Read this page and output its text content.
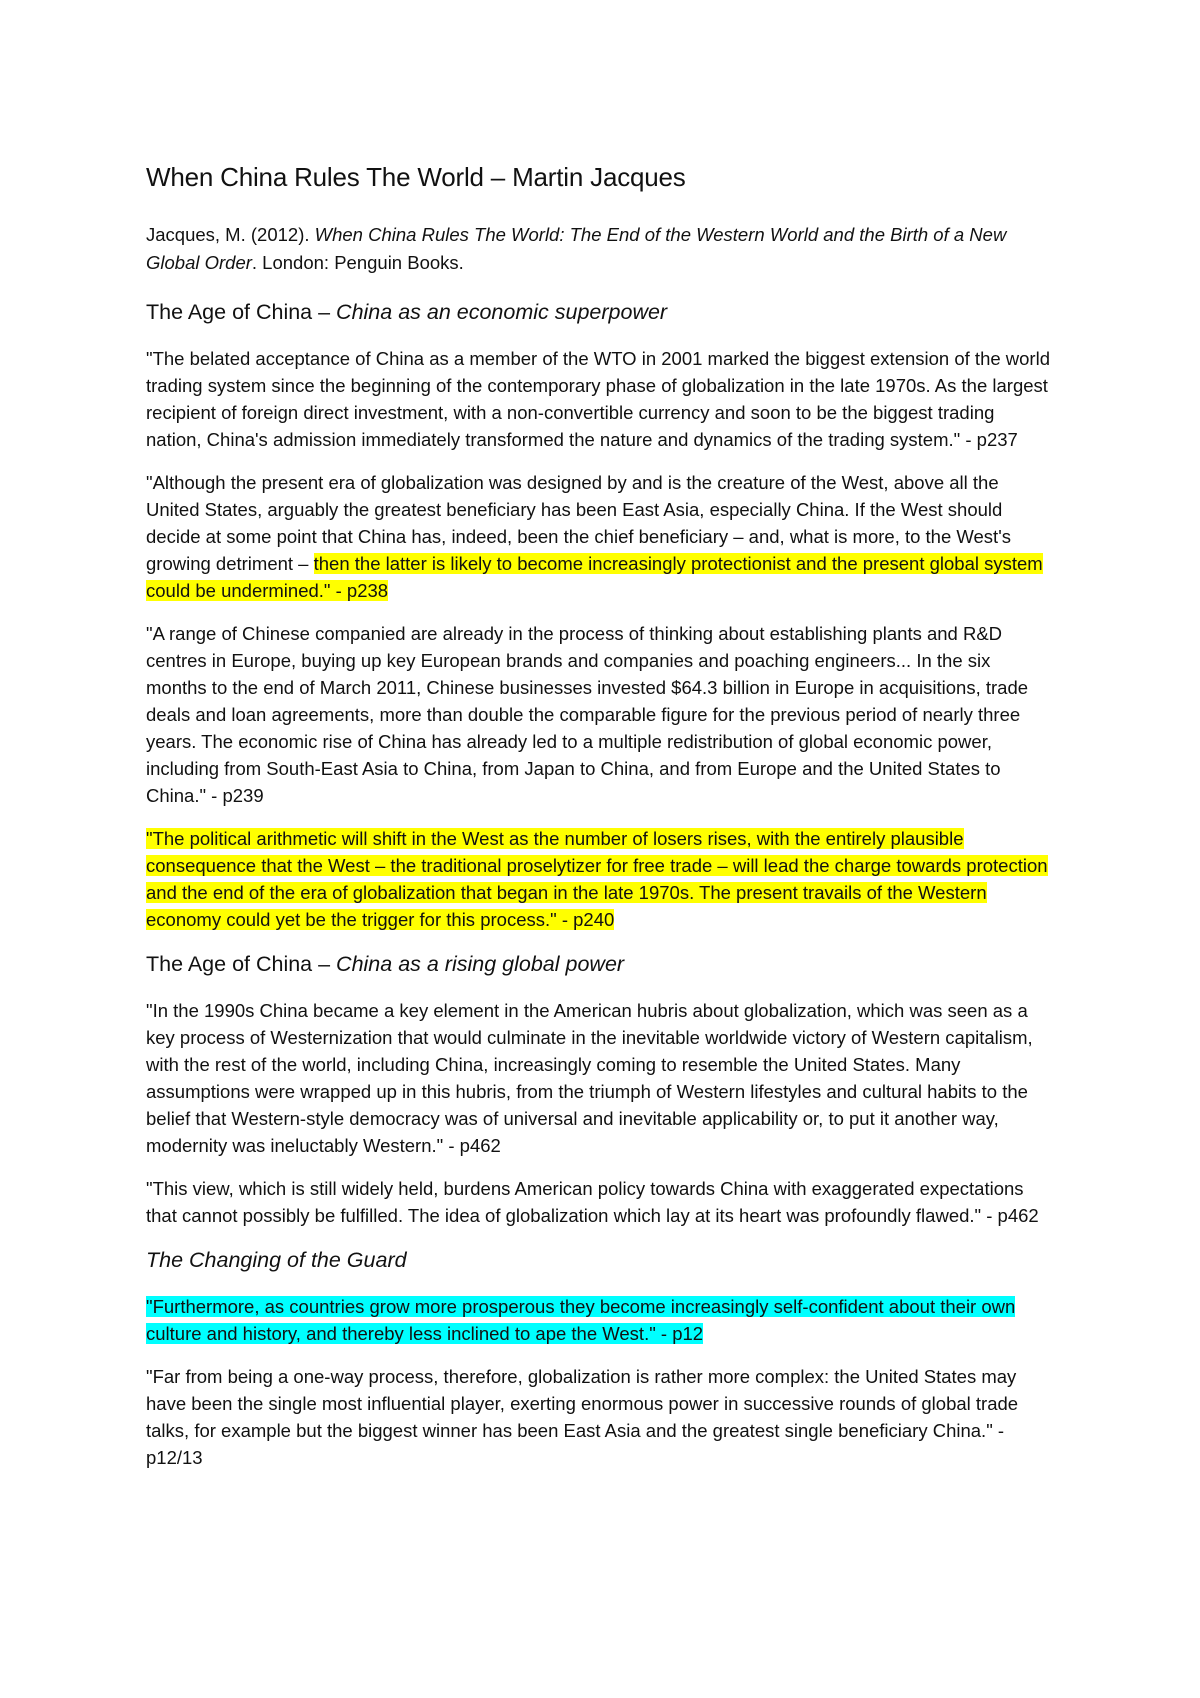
When China Rules The World – Martin Jacques

Jacques, M. (2012). When China Rules The World: The End of the Western World and the Birth of a New Global Order. London: Penguin Books.

The Age of China – China as an economic superpower

"The belated acceptance of China as a member of the WTO in 2001 marked the biggest extension of the world trading system since the beginning of the contemporary phase of globalization in the late 1970s. As the largest recipient of foreign direct investment, with a non-convertible currency and soon to be the biggest trading nation, China's admission immediately transformed the nature and dynamics of the trading system." - p237

"Although the present era of globalization was designed by and is the creature of the West, above all the United States, arguably the greatest beneficiary has been East Asia, especially China. If the West should decide at some point that China has, indeed, been the chief beneficiary – and, what is more, to the West's growing detriment – then the latter is likely to become increasingly protectionist and the present global system could be undermined." - p238

"A range of Chinese companied are already in the process of thinking about establishing plants and R&D centres in Europe, buying up key European brands and companies and poaching engineers... In the six months to the end of March 2011, Chinese businesses invested $64.3 billion in Europe in acquisitions, trade deals and loan agreements, more than double the comparable figure for the previous period of nearly three years. The economic rise of China has already led to a multiple redistribution of global economic power, including from South-East Asia to China, from Japan to China, and from Europe and the United States to China." - p239

"The political arithmetic will shift in the West as the number of losers rises, with the entirely plausible consequence that the West – the traditional proselytizer for free trade – will lead the charge towards protection and the end of the era of globalization that began in the late 1970s. The present travails of the Western economy could yet be the trigger for this process." - p240

The Age of China – China as a rising global power

"In the 1990s China became a key element in the American hubris about globalization, which was seen as a key process of Westernization that would culminate in the inevitable worldwide victory of Western capitalism, with the rest of the world, including China, increasingly coming to resemble the United States. Many assumptions were wrapped up in this hubris, from the triumph of Western lifestyles and cultural habits to the belief that Western-style democracy was of universal and inevitable applicability or, to put it another way, modernity was ineluctably Western." - p462

"This view, which is still widely held, burdens American policy towards China with exaggerated expectations that cannot possibly be fulfilled. The idea of globalization which lay at its heart was profoundly flawed." - p462

The Changing of the Guard

"Furthermore, as countries grow more prosperous they become increasingly self-confident about their own culture and history, and thereby less inclined to ape the West." - p12

"Far from being a one-way process, therefore, globalization is rather more complex: the United States may have been the single most influential player, exerting enormous power in successive rounds of global trade talks, for example but the biggest winner has been East Asia and the greatest single beneficiary China." - p12/13
